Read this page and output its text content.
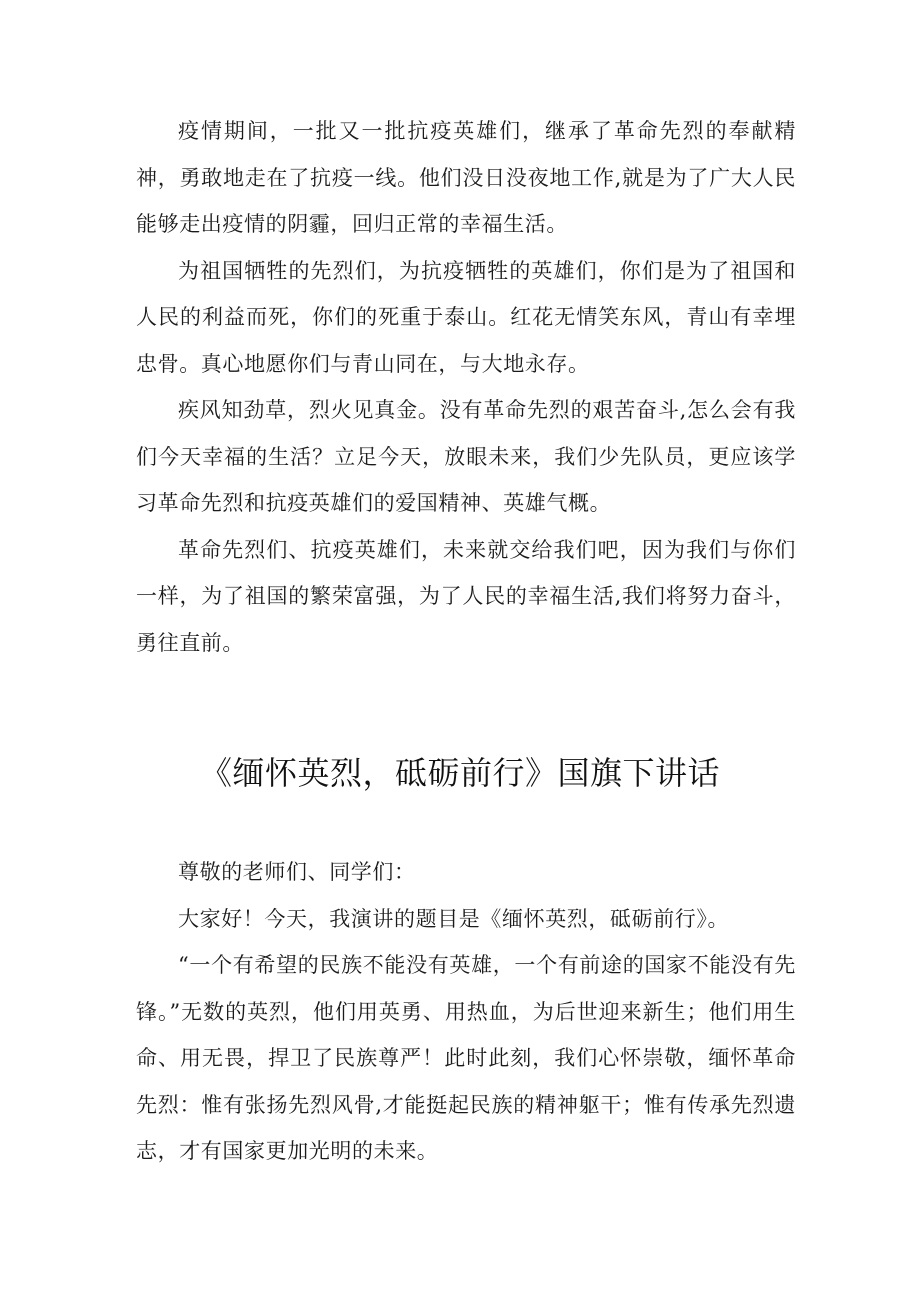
疫情期间，一批又一批抗疫英雄们，继承了革命先烈的奉献精神，勇敢地走在了抗疫一线。他们没日没夜地工作,就是为了广大人民能够走出疫情的阴霾，回归正常的幸福生活。

为祖国牺牲的先烈们，为抗疫牺牲的英雄们，你们是为了祖国和人民的利益而死，你们的死重于泰山。红花无情笑东风，青山有幸埋忠骨。真心地愿你们与青山同在，与大地永存。

疾风知劲草，烈火见真金。没有革命先烈的艰苦奋斗,怎么会有我们今天幸福的生活？立足今天，放眼未来，我们少先队员，更应该学习革命先烈和抗疫英雄们的爱国精神、英雄气概。

革命先烈们、抗疫英雄们，未来就交给我们吧，因为我们与你们一样，为了祖国的繁荣富强，为了人民的幸福生活,我们将努力奋斗，勇往直前。

《缅怀英烈，砥砺前行》国旗下讲话

尊敬的老师们、同学们：

大家好！今天，我演讲的题目是《缅怀英烈，砥砺前行》。

“一个有希望的民族不能没有英雄，一个有前途的国家不能没有先锋。”无数的英烈，他们用英勇、用热血，为后世迎来新生；他们用生命、用无畏，捍卫了民族尊严！此时此刻，我们心怀崇敬，缅怀革命先烈：惟有张扬先烈风骨,才能挺起民族的精神躯干；惟有传承先烈遗志，才有国家更加光明的未来。
